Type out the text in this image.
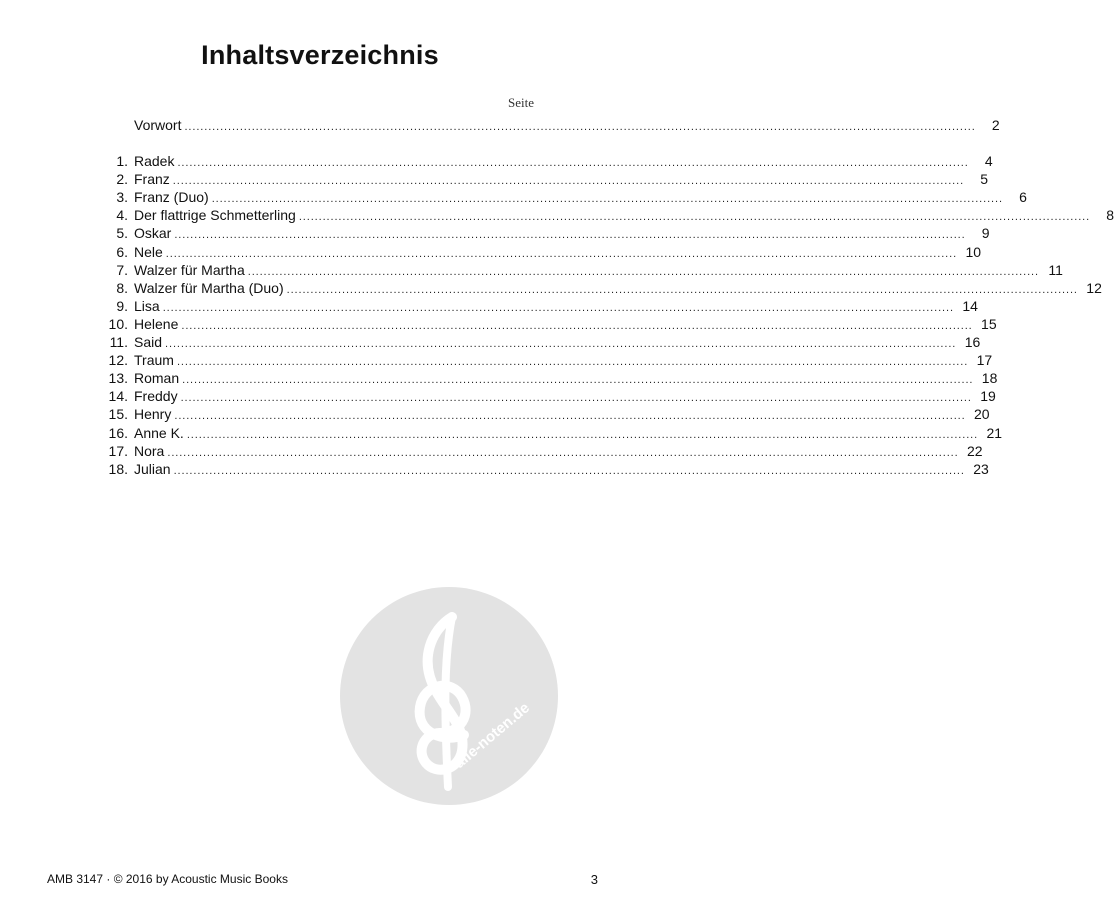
Inhaltsverzeichnis
Seite
Vorwort ........................................................................................................................................................................................................	2
1. Radek ........................................................................................................................................................................................................	4
2. Franz ........................................................................................................................................................................................................	5
3. Franz (Duo) ........................................................................................................................................................................................................	6
4. Der flattrige Schmetterling ........................................................................................................................................................................................................	8
5. Oskar ........................................................................................................................................................................................................	9
6. Nele ........................................................................................................................................................................................................ 10
7. Walzer für Martha ........................................................................................................................................................................................................ 11
8. Walzer für Martha (Duo) ........................................................................................................................................................................................................ 12
9. Lisa ........................................................................................................................................................................................................ 14
10. Helene ........................................................................................................................................................................................................ 15
11. Said ........................................................................................................................................................................................................ 16
12. Traum ........................................................................................................................................................................................................ 17
13. Roman ........................................................................................................................................................................................................ 18
14. Freddy ........................................................................................................................................................................................................ 19
15. Henry ........................................................................................................................................................................................................ 20
16. Anne K. ........................................................................................................................................................................................................ 21
17. Nora ........................................................................................................................................................................................................ 22
18. Julian ........................................................................................................................................................................................................ 23
alle-noten.de
AMB 3147 · © 2016 by Acoustic Music Books	3
